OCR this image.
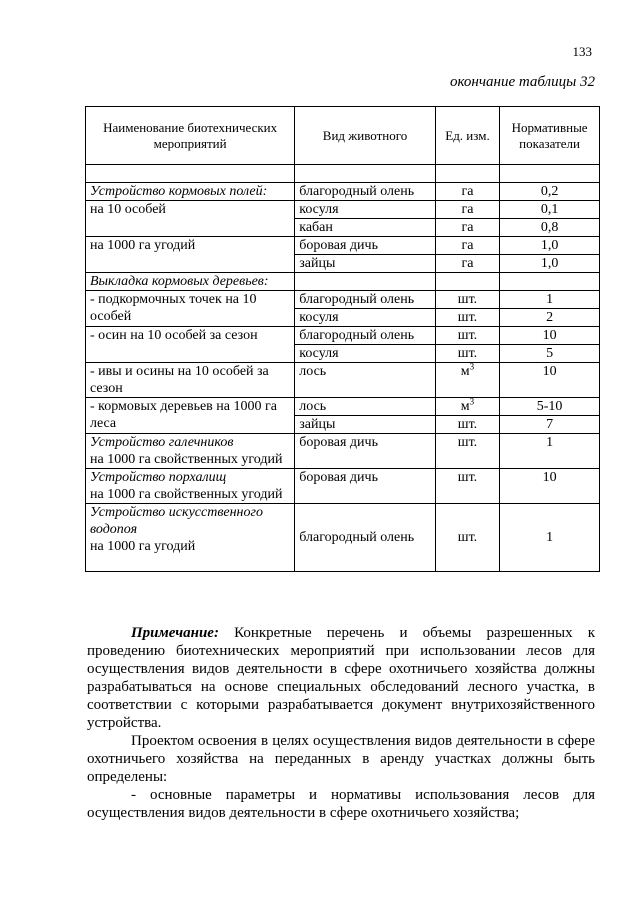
133
окончание таблицы 32
Наименование биотехнических мероприятий	Вид животного	Ед. изм.	Нормативные показатели

Устройство кормовых полей:	благородный олень	га	0,2
на 10 особей	косуля	га	0,1
	кабан	га	0,8
на 1000 га угодий	боровая дичь	га	1,0
	зайцы	га	1,0
Выкладка кормовых деревьев:			
- подкормочных точек на 10 особей	благородный олень	шт.	1
	косуля	шт.	2
- осин на 10 особей за сезон	благородный олень	шт.	10
	косуля	шт.	5
- ивы и осины на 10 особей за сезон	лось	$м^3$	10
- кормовых деревьев на 1000 га леса	лось	$м^3$	5-10
	зайцы	шт.	7
Устройство галечников
на 1000 га свойственных угодий	боровая дичь	шт.	1
Устройство порхалищ
на 1000 га свойственных угодий	боровая дичь	шт.	10
Устройство искусственного водопоя
на 1000 га угодий	благородный олень	шт.	1

Примечание: Конкретные перечень и объемы разрешенных к проведению биотехнических мероприятий при использовании лесов для осуществления видов деятельности в сфере охотничьего хозяйства должны разрабатываться на основе специальных обследований лесного участка, в соответствии с которыми разрабатывается документ внутрихозяйственного устройства.

Проектом освоения в целях осуществления видов деятельности в сфере охотничьего хозяйства на переданных в аренду участках должны быть определены:

- основные параметры и нормативы использования лесов для осуществления видов деятельности в сфере охотничьего хозяйства;
